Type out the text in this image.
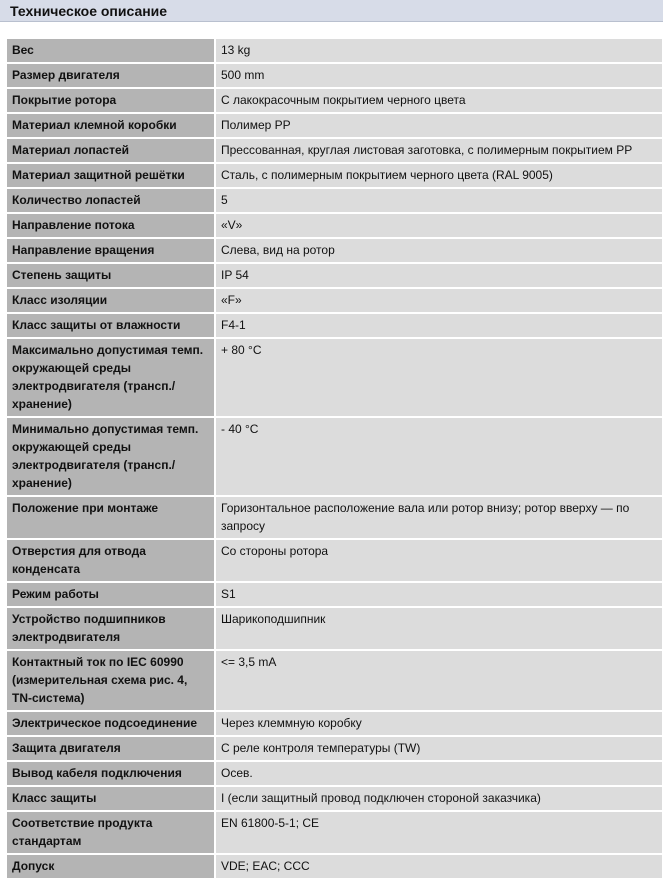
Техническое описание
Вес	13 kg
Размер двигателя	500 mm
Покрытие ротора	С лакокрасочным покрытием черного цвета
Материал клемной коробки	Полимер PP
Материал лопастей	Прессованная, круглая листовая заготовка, с полимерным покрытием PP
Материал защитной решётки	Сталь, с полимерным покрытием черного цвета (RAL 9005)
Количество лопастей	5
Направление потока	«V»
Направление вращения	Слева, вид на ротор
Степень защиты	IP 54
Класс изоляции	«F»
Класс защиты от влажности	F4-1
Максимально допустимая темп. окружающей среды электродвигателя (трансп./ хранение)	+ 80 °C
Минимально допустимая темп. окружающей среды электродвигателя (трансп./ хранение)	- 40 °C
Положение при монтаже	Горизонтальное расположение вала или ротор внизу; ротор вверху — по запросу
Отверстия для отвода конденсата	Со стороны ротора
Режим работы	S1
Устройство подшипников электродвигателя	Шарикоподшипник
Контактный ток по IEC 60990 (измерительная схема рис. 4, TN-система)	<= 3,5 mA
Электрическое подсоединение	Через клеммную коробку
Защита двигателя	С реле контроля температуры (TW)
Вывод кабеля подключения	Осев.
Класс защиты	I (если защитный провод подключен стороной заказчика)
Соответствие продукта стандартам	EN 61800-5-1; CE
Допуск	VDE; EAC; CCC
